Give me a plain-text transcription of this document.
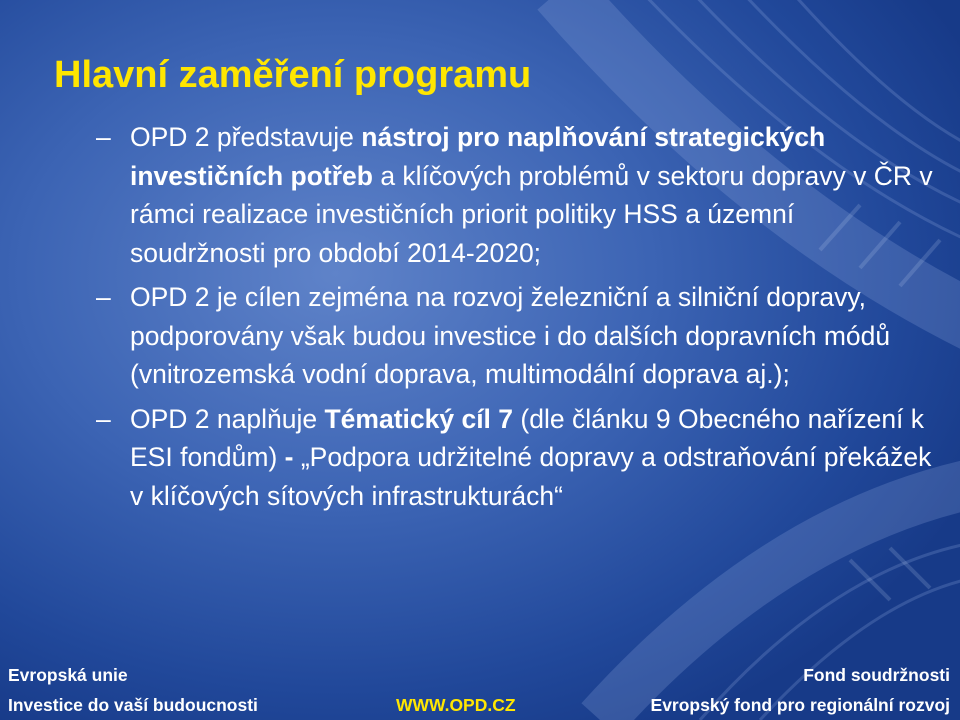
Hlavní zaměření programu
– OPD 2 představuje nástroj pro naplňování strategických investičních potřeb a klíčových problémů v sektoru dopravy v ČR v rámci realizace investičních priorit politiky HSS a územní soudržnosti pro období 2014-2020;
– OPD 2 je cílen zejména na rozvoj železniční a silniční dopravy, podporovány však budou investice i do dalších dopravních módů (vnitrozemská vodní doprava, multimodální doprava aj.);
– OPD 2 naplňuje Tématický cíl 7 (dle článku 9 Obecného nařízení k ESI fondům) - „Podpora udržitelné dopravy a odstraňování překážek v klíčových sítových infrastrukturách“
Evropská unie
Investice do vaší budoucnosti	WWW.OPD.CZ
Fond soudržnosti
Evropský fond pro regionální rozvoj
